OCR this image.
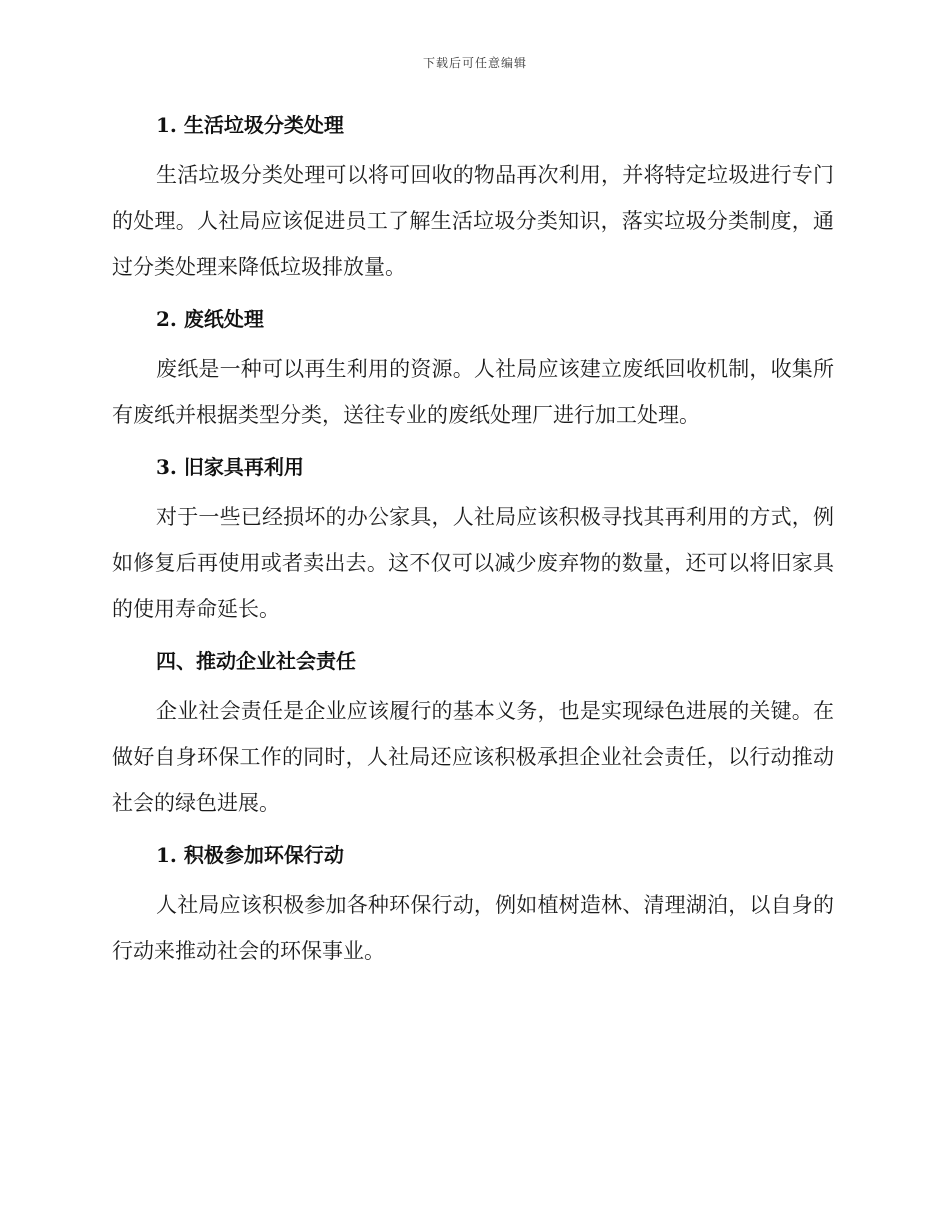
下载后可任意编辑
1. 生活垃圾分类处理

生活垃圾分类处理可以将可回收的物品再次利用，并将特定垃圾进行专门的处理。人社局应该促进员工了解生活垃圾分类知识，落实垃圾分类制度，通过分类处理来降低垃圾排放量。

2. 废纸处理

废纸是一种可以再生利用的资源。人社局应该建立废纸回收机制，收集所有废纸并根据类型分类，送往专业的废纸处理厂进行加工处理。

3. 旧家具再利用

对于一些已经损坏的办公家具，人社局应该积极寻找其再利用的方式，例如修复后再使用或者卖出去。这不仅可以减少废弃物的数量，还可以将旧家具的使用寿命延长。

四、推动企业社会责任

企业社会责任是企业应该履行的基本义务，也是实现绿色进展的关键。在做好自身环保工作的同时，人社局还应该积极承担企业社会责任，以行动推动社会的绿色进展。

1. 积极参加环保行动

人社局应该积极参加各种环保行动，例如植树造林、清理湖泊，以自身的行动来推动社会的环保事业。
